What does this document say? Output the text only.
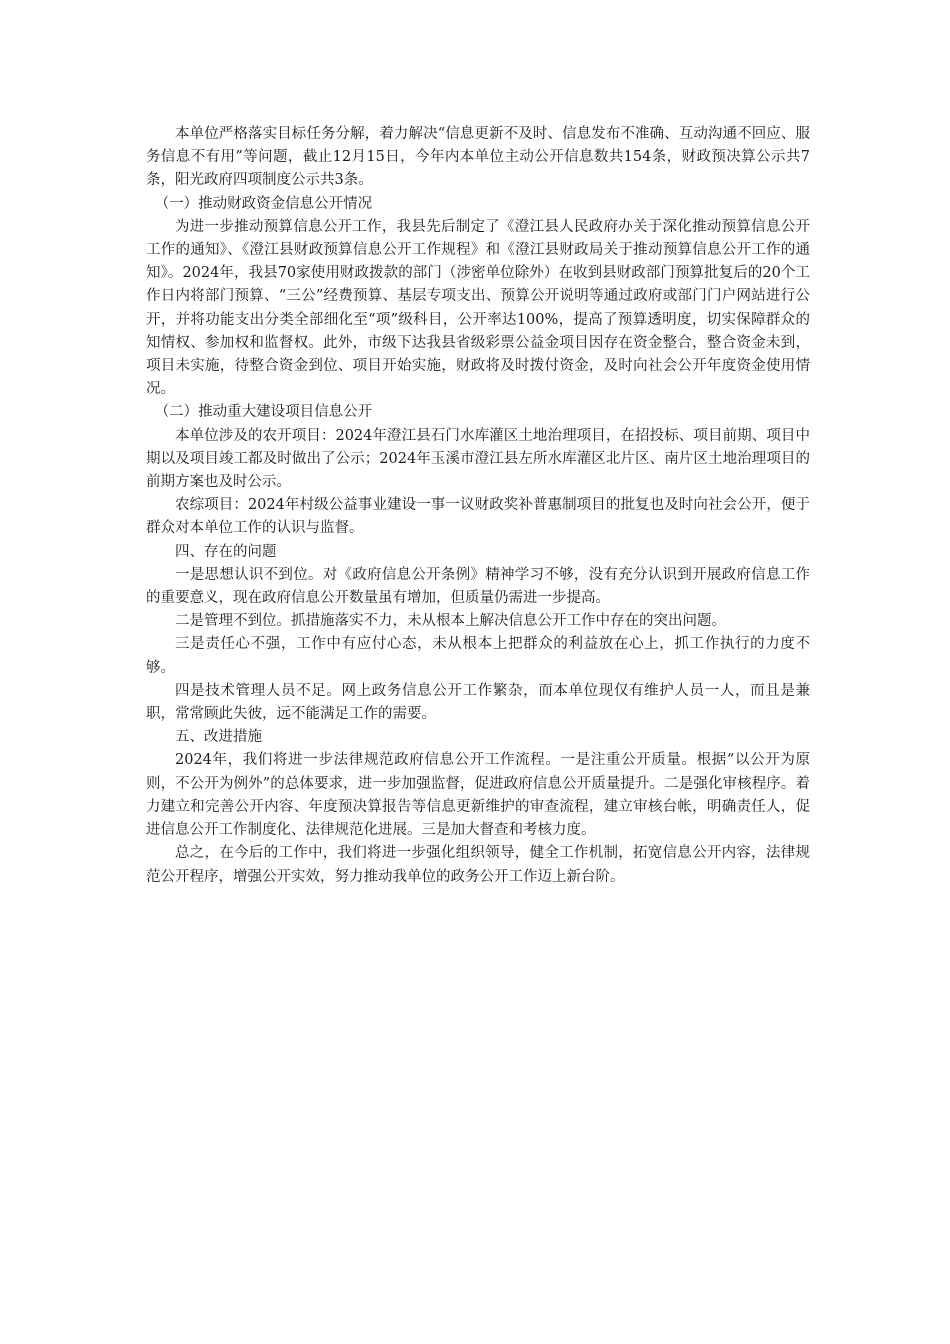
本单位严格落实目标任务分解，着力解决“信息更新不及时、信息发布不准确、互动沟通不回应、服务信息不有用”等问题，截止12月15日，今年内本单位主动公开信息数共154条，财政预决算公示共7条，阳光政府四项制度公示共3条。

（一）推动财政资金信息公开情况

为进一步推动预算信息公开工作，我县先后制定了《澄江县人民政府办关于深化推动预算信息公开工作的通知》、《澄江县财政预算信息公开工作规程》和《澄江县财政局关于推动预算信息公开工作的通知》。2024年，我县70家使用财政拨款的部门（涉密单位除外）在收到县财政部门预算批复后的20个工作日内将部门预算、“三公”经费预算、基层专项支出、预算公开说明等通过政府或部门门户网站进行公开，并将功能支出分类全部细化至“项”级科目，公开率达100%，提高了预算透明度，切实保障群众的知情权、参加权和监督权。此外，市级下达我县省级彩票公益金项目因存在资金整合，整合资金未到，项目未实施，待整合资金到位、项目开始实施，财政将及时拨付资金，及时向社会公开年度资金使用情况。

（二）推动重大建设项目信息公开

本单位涉及的农开项目：2024年澄江县石门水库灌区土地治理项目，在招投标、项目前期、项目中期以及项目竣工都及时做出了公示；2024年玉溪市澄江县左所水库灌区北片区、南片区土地治理项目的前期方案也及时公示。

农综项目：2024年村级公益事业建设一事一议财政奖补普惠制项目的批复也及时向社会公开，便于群众对本单位工作的认识与监督。

四、存在的问题

一是思想认识不到位。对《政府信息公开条例》精神学习不够，没有充分认识到开展政府信息工作的重要意义，现在政府信息公开数量虽有增加，但质量仍需进一步提高。

二是管理不到位。抓措施落实不力，未从根本上解决信息公开工作中存在的突出问题。

三是责任心不强，工作中有应付心态，未从根本上把群众的利益放在心上，抓工作执行的力度不够。

四是技术管理人员不足。网上政务信息公开工作繁杂，而本单位现仅有维护人员一人，而且是兼职，常常顾此失彼，远不能满足工作的需要。

五、改进措施

2024年，我们将进一步法律规范政府信息公开工作流程。一是注重公开质量。根据“以公开为原则，不公开为例外”的总体要求，进一步加强监督，促进政府信息公开质量提升。二是强化审核程序。着力建立和完善公开内容、年度预决算报告等信息更新维护的审查流程，建立审核台帐，明确责任人，促进信息公开工作制度化、法律规范化进展。三是加大督查和考核力度。

总之，在今后的工作中，我们将进一步强化组织领导，健全工作机制，拓宽信息公开内容，法律规范公开程序，增强公开实效，努力推动我单位的政务公开工作迈上新台阶。
